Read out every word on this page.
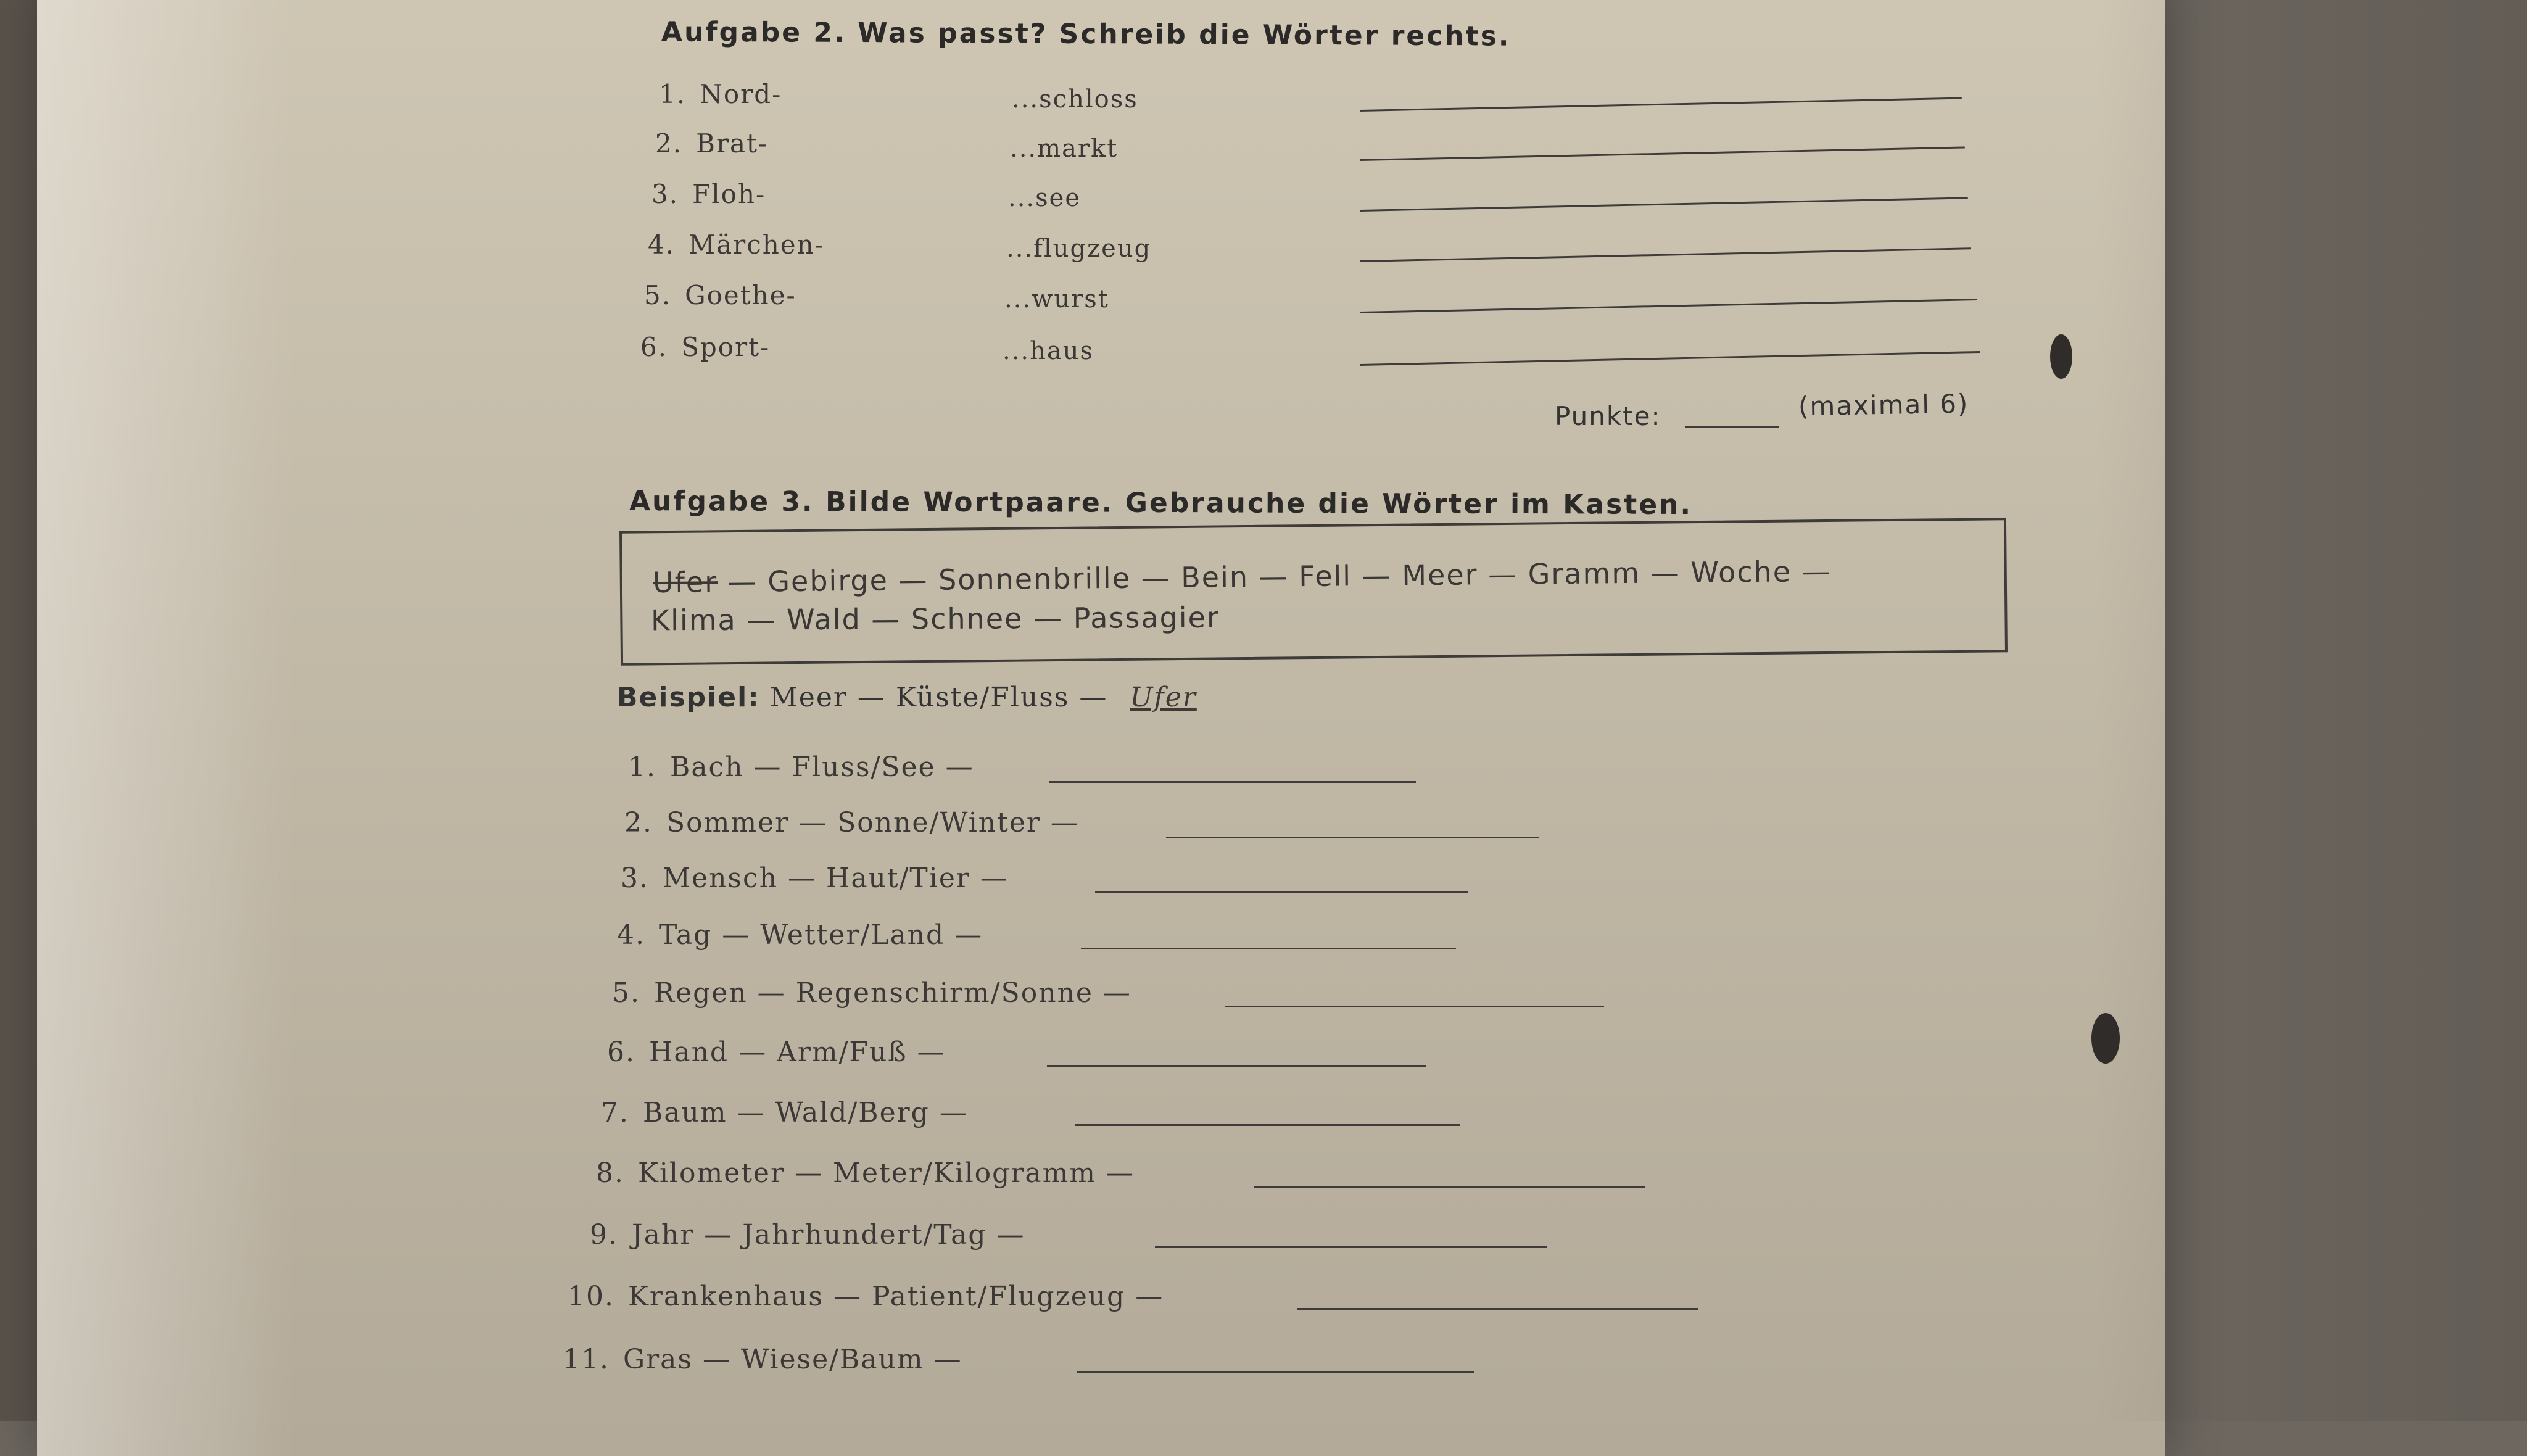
Aufgabe 2. Was passt? Schreib die Wörter rechts.
1. Nord-	...schloss
2. Brat-	...markt
3. Floh-	...see
4. Märchen-	...flugzeug
5. Goethe-	...wurst
6. Sport-	...haus
Punkte:	(maximal 6)
Aufgabe 3. Bilde Wortpaare. Gebrauche die Wörter im Kasten.
Ufer — Gebirge — Sonnenbrille — Bein — Fell — Meer — Gramm — Woche —
Klima — Wald — Schnee — Passagier
Beispiel: Meer — Küste/Fluss — Ufer
1. Bach — Fluss/See —
2. Sommer — Sonne/Winter —
3. Mensch — Haut/Tier —
4. Tag — Wetter/Land —
5. Regen — Regenschirm/Sonne —
6. Hand — Arm/Fuß —
7. Baum — Wald/Berg —
8. Kilometer — Meter/Kilogramm —
9. Jahr — Jahrhundert/Tag —
10. Krankenhaus — Patient/Flugzeug —
11. Gras — Wiese/Baum —
